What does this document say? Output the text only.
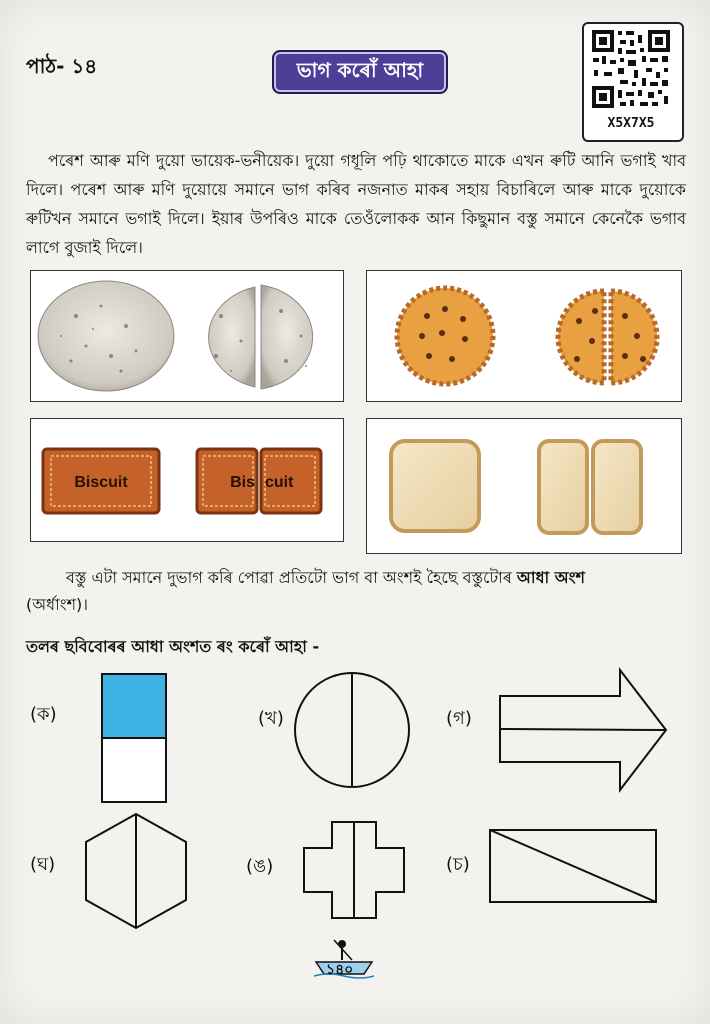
পাঠ- ১৪	ভাগ কৰোঁ আহা
X5X7X5
পৰেশ আৰু মণি দুয়ো ভায়েক-ভনীয়েক। দুয়ো গধূলি পঢ়ি থাকোতে মাকে এখন ৰুটি আনি ভগাই খাব দিলে। পৰেশ আৰু মণি দুয়োয়ে সমানে ভাগ কৰিব নজনাত মাকৰ সহায় বিচাৰিলে আৰু মাকে দুয়োকে ৰুটিখন সমানে ভগাই দিলে। ইয়াৰ উপৰিও মাকে তেওঁলোকক আন কিছুমান বস্তু সমানে কেনেকৈ ভগাব লাগে বুজাই দিলে।
Biscuit	Bis cuit
বস্তু এটা সমানে দুভাগ কৰি পোৱা প্ৰতিটো ভাগ বা অংশই হৈছে বস্তুটোৰ আধা অংশ
(অৰ্ধাংশ)।
তলৰ ছবিবোৰৰ আধা অংশত ৰং কৰোঁ আহা -
(ক)	(খ)	(গ)
(ঘ)	(ঙ)	(চ)
১৪০
